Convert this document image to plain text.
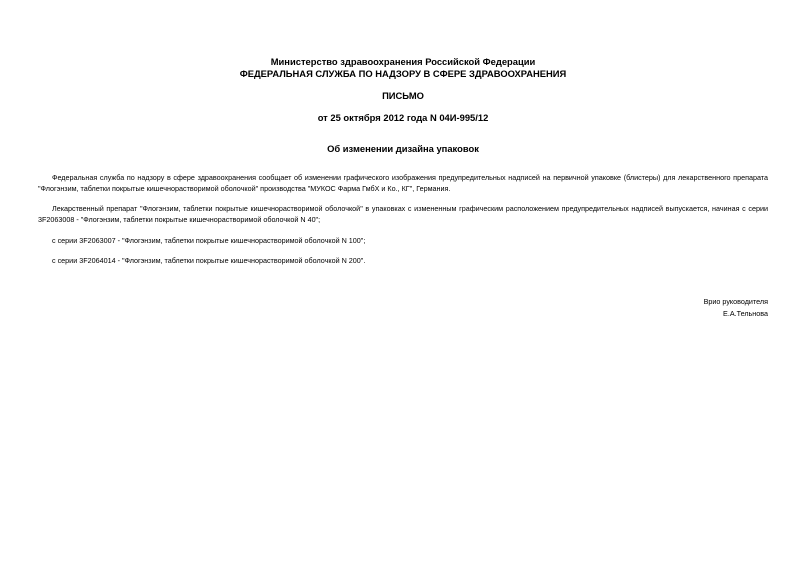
Министерство здравоохранения Российской Федерации
ФЕДЕРАЛЬНАЯ СЛУЖБА ПО НАДЗОРУ В СФЕРЕ ЗДРАВООХРАНЕНИЯ
ПИСЬМО
от 25 октября 2012 года N 04И-995/12
Об изменении дизайна упаковок

Федеральная служба по надзору в сфере здравоохранения сообщает об изменении графического изображения предупредительных надписей на первичной упаковке (блистеры) для лекарственного препарата "Флогэнзим, таблетки покрытые кишечнорастворимой оболочкой" производства "МУКОС Фарма ГмбХ и Ко., КГ", Германия.

Лекарственный препарат "Флогэнзим, таблетки покрытые кишечнорастворимой оболочкой" в упаковках с измененным графическим расположением предупредительных надписей выпускается, начиная с серии 3F2063008 - "Флогэнзим, таблетки покрытые кишечнорастворимой оболочкой N 40";

с серии 3F2063007 - "Флогэнзим, таблетки покрытые кишечнорастворимой оболочкой N 100";

с серии 3F2064014 - "Флогэнзим, таблетки покрытые кишечнорастворимой оболочкой N 200".

Врио руководителя
Е.А.Тельнова
